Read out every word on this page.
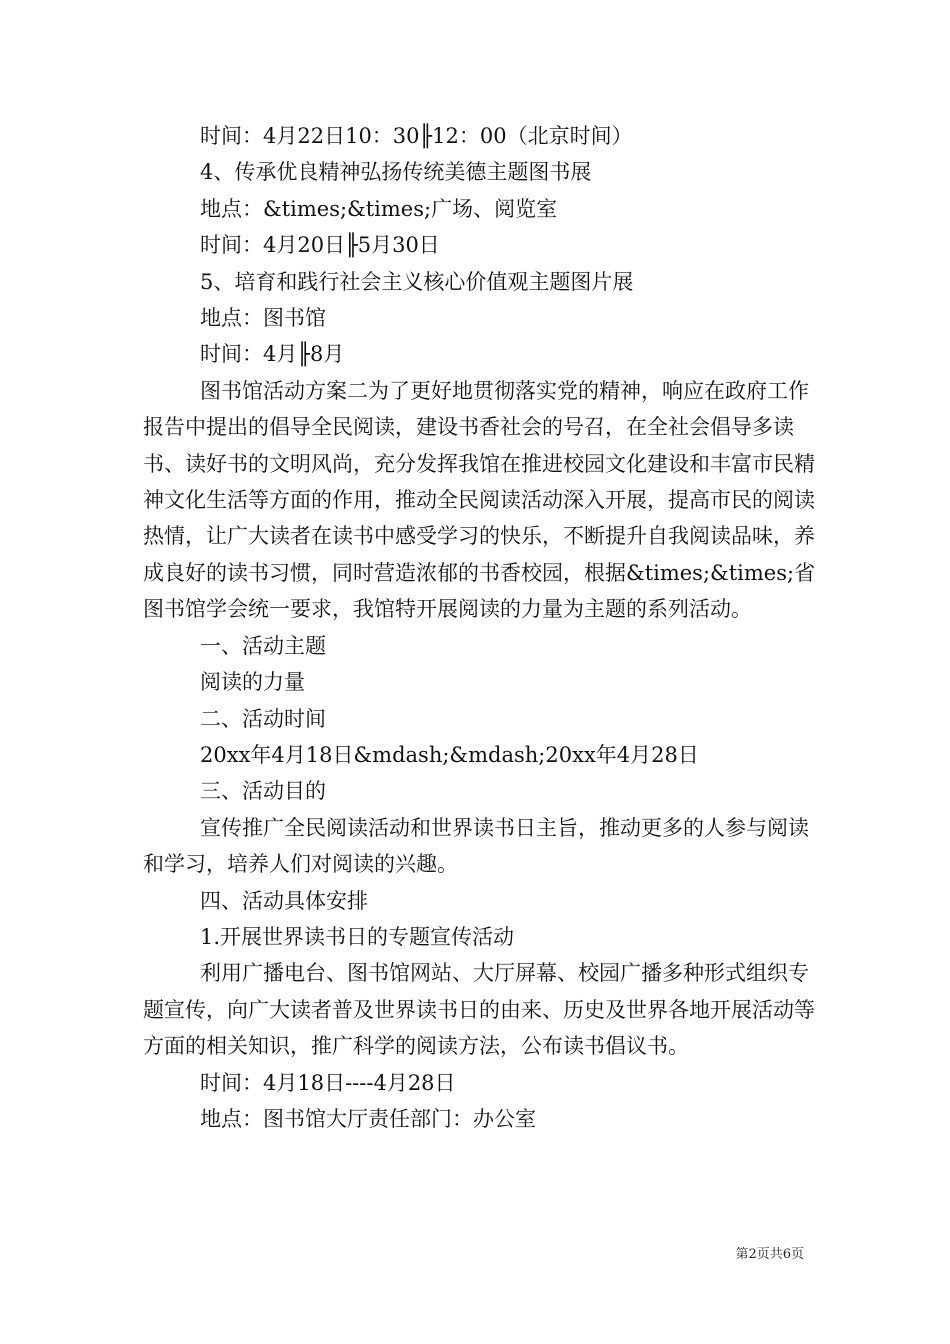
时间：4月22日10：30╟12：00（北京时间）

4、传承优良精神弘扬传统美德主题图书展

地点：&times;&times;广场、阅览室

时间：4月20日╟5月30日

5、培育和践行社会主义核心价值观主题图片展

地点：图书馆

时间：4月╟8月

图书馆活动方案二为了更好地贯彻落实党的精神，响应在政府工作报告中提出的倡导全民阅读，建设书香社会的号召，在全社会倡导多读书、读好书的文明风尚，充分发挥我馆在推进校园文化建设和丰富市民精神文化生活等方面的作用，推动全民阅读活动深入开展，提高市民的阅读热情，让广大读者在读书中感受学习的快乐，不断提升自我阅读品味，养成良好的读书习惯，同时营造浓郁的书香校园，根据&times;&times;省图书馆学会统一要求，我馆特开展阅读的力量为主题的系列活动。

一、活动主题

阅读的力量

二、活动时间

20xx年4月18日&mdash;&mdash;20xx年4月28日

三、活动目的

宣传推广全民阅读活动和世界读书日主旨，推动更多的人参与阅读和学习，培养人们对阅读的兴趣。

四、活动具体安排

1.开展世界读书日的专题宣传活动

利用广播电台、图书馆网站、大厅屏幕、校园广播多种形式组织专题宣传，向广大读者普及世界读书日的由来、历史及世界各地开展活动等方面的相关知识，推广科学的阅读方法，公布读书倡议书。

时间：4月18日----4月28日

地点：图书馆大厅责任部门：办公室

第2页共6页
